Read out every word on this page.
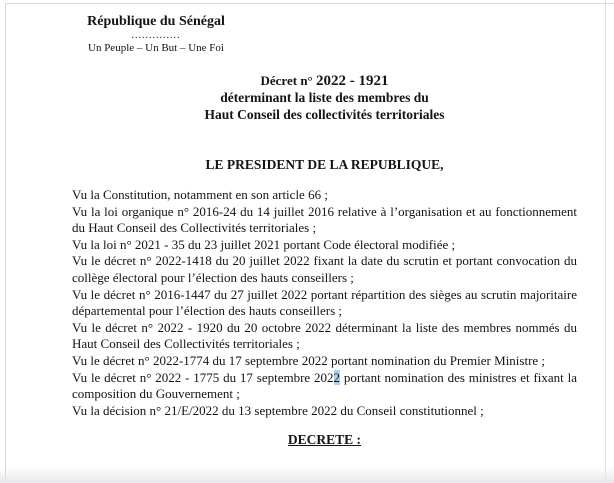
République du Sénégal
..............
Un Peuple – Un But – Une Foi
Décret n° 2022 - 1921
déterminant la liste des membres du
Haut Conseil des collectivités territoriales
LE PRESIDENT DE LA REPUBLIQUE,

Vu la Constitution, notamment en son article 66 ;

Vu la loi organique n° 2016-24 du 14 juillet 2016 relative à l’organisation et au fonctionnement du Haut Conseil des Collectivités territoriales ;

Vu la loi n° 2021 - 35 du 23 juillet 2021 portant Code électoral modifiée ;

Vu le décret n° 2022-1418 du 20 juillet 2022 fixant la date du scrutin et portant convocation du collège électoral pour l’élection des hauts conseillers ;

Vu le décret n° 2016-1447 du 27 juillet 2022 portant répartition des sièges au scrutin majoritaire départemental pour l’élection des hauts conseillers ;

Vu le décret n° 2022 - 1920 du 20 octobre 2022 déterminant la liste des membres nommés du Haut Conseil des Collectivités territoriales ;

Vu le décret n° 2022-1774 du 17 septembre 2022 portant nomination du Premier Ministre ;

Vu le décret n° 2022 - 1775 du 17 septembre 2022 portant nomination des ministres et fixant la composition du Gouvernement ;

Vu la décision n° 21/E/2022 du 13 septembre 2022 du Conseil constitutionnel ;

DECRETE :
